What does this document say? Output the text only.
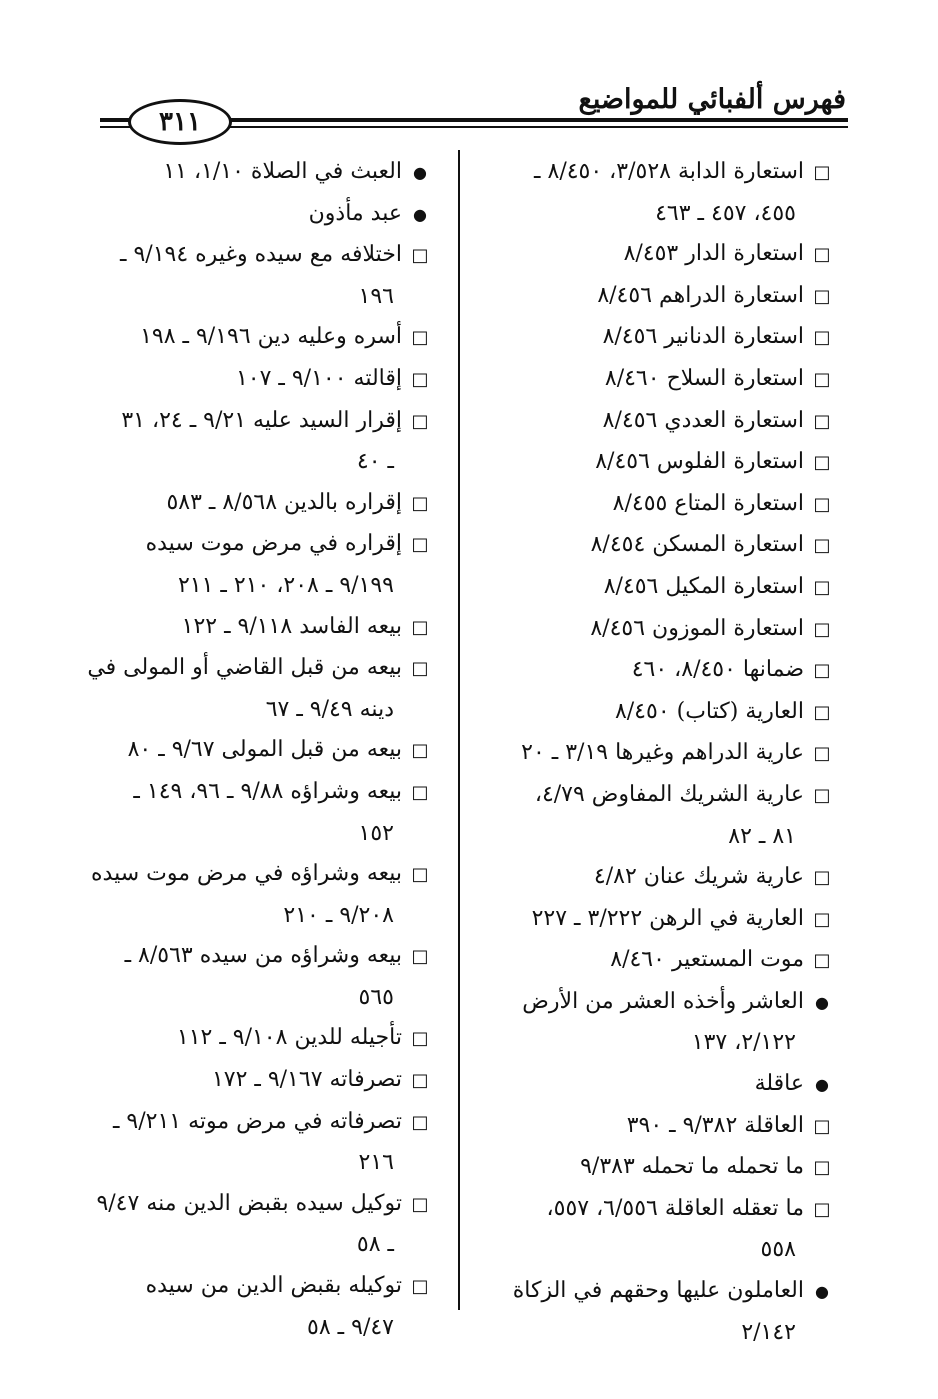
فهرس ألفبائي للمواضيع
٣١١
□استعارة الدابة ٣/٥٢٨، ٨/٤٥٠ ـ
٤٥٥، ٤٥٧ ـ ٤٦٣
□استعارة الدار ٨/٤٥٣
□استعارة الدراهم ٨/٤٥٦
□استعارة الدنانير ٨/٤٥٦
□استعارة السلاح ٨/٤٦٠
□استعارة العددي ٨/٤٥٦
□استعارة الفلوس ٨/٤٥٦
□استعارة المتاع ٨/٤٥٥
□استعارة المسكن ٨/٤٥٤
□استعارة المكيل ٨/٤٥٦
□استعارة الموزون ٨/٤٥٦
□ضمانها ٨/٤٥٠، ٤٦٠
□العارية (كتاب) ٨/٤٥٠
□عارية الدراهم وغيرها ٣/١٩ ـ ٢٠
□عارية الشريك المفاوض ٤/٧٩،
٨١ ـ ٨٢
□عارية شريك عنان ٤/٨٢
□العارية في الرهن ٣/٢٢٢ ـ ٢٢٧
□موت المستعير ٨/٤٦٠
●العاشر وأخذه العشر من الأرض
٢/١٢٢، ١٣٧
●عاقلة
□العاقلة ٩/٣٨٢ ـ ٣٩٠
□ما تحمله ما تحمله ٩/٣٨٣
□ما تعقله العاقلة ٦/٥٥٦، ٥٥٧،
٥٥٨
●العاملون عليها وحقهم في الزكاة
٢/١٤٢
●العبث في الصلاة ١/١٠، ١١
●عبد مأذون
□اختلافه مع سيده وغيره ٩/١٩٤ ـ
١٩٦
□أسره وعليه دين ٩/١٩٦ ـ ١٩٨
□إقالته ٩/١٠٠ ـ ١٠٧
□إقرار السيد عليه ٩/٢١ ـ ٢٤، ٣١
ـ ٤٠
□إقراره بالدين ٨/٥٦٨ ـ ٥٨٣
□إقراره في مرض موت سيده
٩/١٩٩ ـ ٢٠٨، ٢١٠ ـ ٢١١
□بيعه الفاسد ٩/١١٨ ـ ١٢٢
□بيعه من قبل القاضي أو المولى في
دينه ٩/٤٩ ـ ٦٧
□بيعه من قبل المولى ٩/٦٧ ـ ٨٠
□بيعه وشراؤه ٩/٨٨ ـ ٩٦، ١٤٩ ـ
١٥٢
□بيعه وشراؤه في مرض موت سيده
٩/٢٠٨ ـ ٢١٠
□بيعه وشراؤه من سيده ٨/٥٦٣ ـ
٥٦٥
□تأجيله للدين ٩/١٠٨ ـ ١١٢
□تصرفاته ٩/١٦٧ ـ ١٧٢
□تصرفاته في مرض موته ٩/٢١١ ـ
٢١٦
□توكيل سيده بقبض الدين منه ٩/٤٧
ـ ٥٨
□توكيله بقبض الدين من سيده
٩/٤٧ ـ ٥٨
